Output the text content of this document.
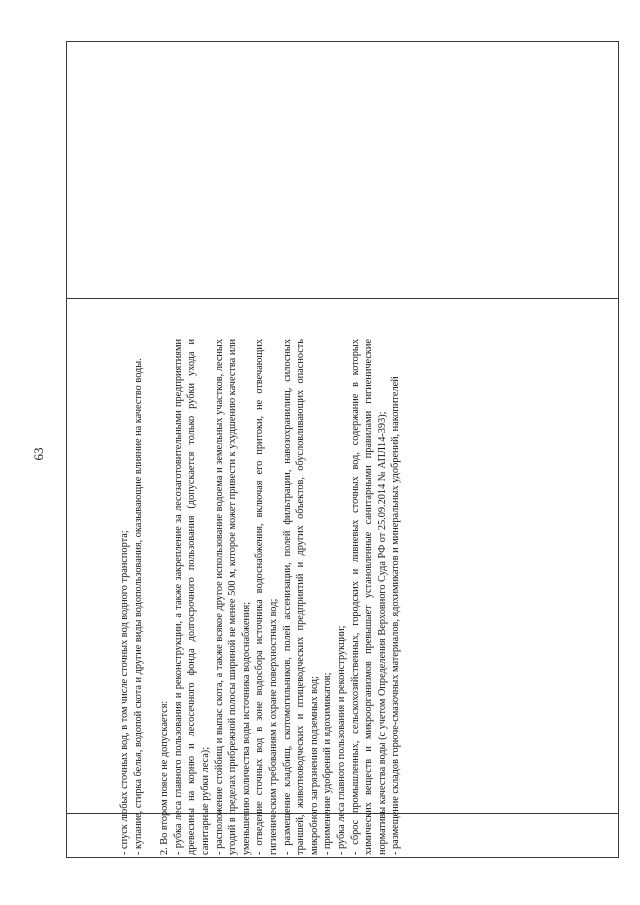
63

- спуск любых сточных вод, в том числе сточных вод водного транспорта; - купание, стирка белья, водопой скота и другие виды водопользования, оказывающие влияние на качество воды. 2. Во втором поясе не допускается: - рубка леса главного пользования и реконструкции, а также закрепление за лесозаготовительными предприятиями древесины на корню и лесосечного фонда долгосрочного пользования (допускается только рубки ухода и санитарные рубки леса); - расположение стойбищ и выпас скота, а также всякое другое использование водоема и земельных участков, лесных угодий в пределах прибрежной полосы шириной не менее 500 м, которое может привести к ухудшению качества или уменьшению количества воды источника водоснабжения; - отведение сточных вод в зоне водосбора источника водоснабжения, включая его притоки, не отвечающих гигиеническим требованиям к охране поверхностных вод; - размещение кладбищ, скотомогильников, полей ассенизации, полей фильтрации, навозохранилищ, силосных траншей, животноводческих и птицеводческих предприятий и других объектов, обусловливающих опасность микробного загрязнения подземных вод; - применение удобрений и ядохимикатов; - рубка леса главного пользования и реконструкции; - сброс промышленных, сельскохозяйственных, городских и ливневых сточных вод, содержание в которых химических веществ и микроорганизмов превышает установленные санитарными правилами гигиенические нормативы качества воды (с учетом Определения Верховного Суда РФ от 25.09.2014 № АПЛ14-393); - размещение складов горюче-смазочных материалов, ядохимикатов и минеральных удобрений, накопителей
